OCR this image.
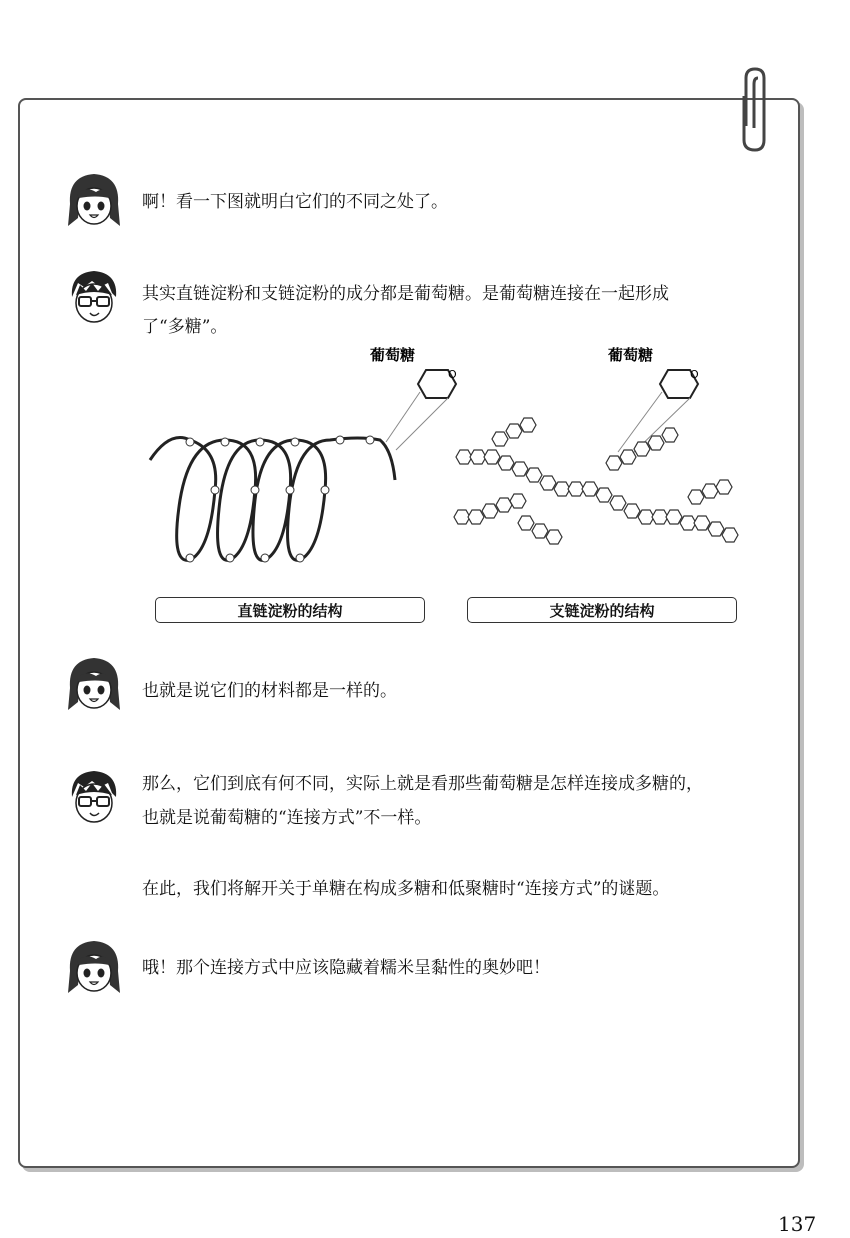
啊！看一下图就明白它们的不同之处了。
其实直链淀粉和支链淀粉的成分都是葡萄糖。是葡萄糖连接在一起形成
了“多糖”。
葡萄糖	葡萄糖
O	O
直链淀粉的结构	支链淀粉的结构
也就是说它们的材料都是一样的。
那么，它们到底有何不同，实际上就是看那些葡萄糖是怎样连接成多糖的，
也就是说葡萄糖的“连接方式”不一样。
在此，我们将解开关于单糖在构成多糖和低聚糖时“连接方式”的谜题。
哦！那个连接方式中应该隐藏着糯米呈黏性的奥妙吧！
137
